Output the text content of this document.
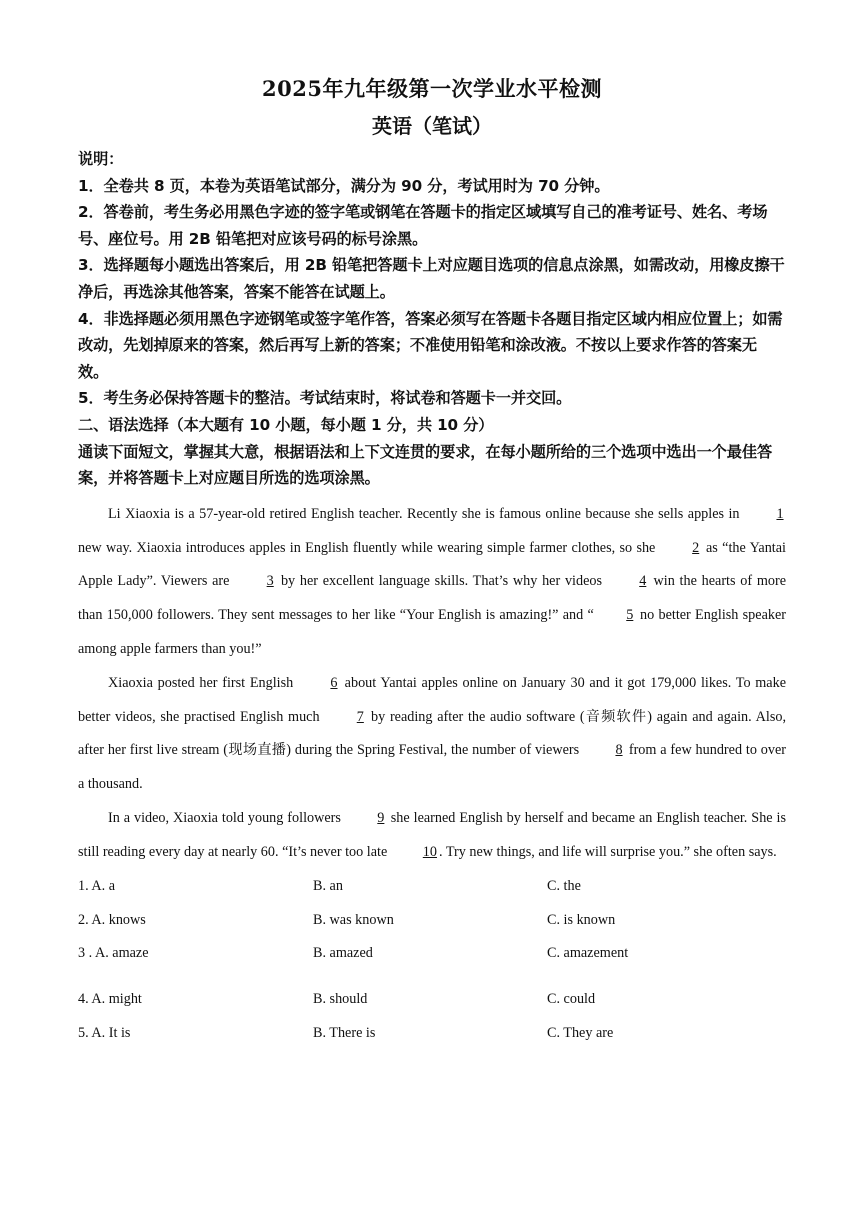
2025年九年级第一次学业水平检测
英语（笔试）

说明：

1．全卷共 8 页，本卷为英语笔试部分，满分为 90 分，考试用时为 70 分钟。

2．答卷前，考生务必用黑色字迹的签字笔或钢笔在答题卡的指定区域填写自己的准考证号、姓名、考场号、座位号。用 2B 铅笔把对应该号码的标号涂黑。

3．选择题每小题选出答案后，用 2B 铅笔把答题卡上对应题目选项的信息点涂黑，如需改动，用橡皮擦干净后，再选涂其他答案，答案不能答在试题上。

4．非选择题必须用黑色字迹钢笔或签字笔作答，答案必须写在答题卡各题目指定区域内相应位置上；如需改动，先划掉原来的答案，然后再写上新的答案；不准使用铅笔和涂改液。不按以上要求作答的答案无效。

5．考生务必保持答题卡的整洁。考试结束时，将试卷和答题卡一并交回。

二、语法选择（本大题有 10 小题，每小题 1 分，共 10 分）

通读下面短文，掌握其大意，根据语法和上下文连贯的要求，在每小题所给的三个选项中选出一个最佳答案，并将答题卡上对应题目所选的选项涂黑。

Li Xiaoxia is a 57-year-old retired English teacher. Recently she is famous online because she sells apples in 1 new way. Xiaoxia introduces apples in English fluently while wearing simple farmer clothes, so she 2 as “the Yantai Apple Lady”. Viewers are 3 by her excellent language skills. That’s why her videos 4 win the hearts of more than 150,000 followers. They sent messages to her like “Your English is amazing!” and “ 5 no better English speaker among apple farmers than you!”

Xiaoxia posted her first English 6 about Yantai apples online on January 30 and it got 179,000 likes. To make better videos, she practised English much 7 by reading after the audio software (音频软件) again and again. Also, after her first live stream (现场直播) during the Spring Festival, the number of viewers 8 from a few hundred to over a thousand.

In a video, Xiaoxia told young followers 9 she learned English by herself and became an English teacher. She is still reading every day at nearly 60. “It’s never too late 10 . Try new things, and life will surprise you.” she often says.

1. A. a	B. an	C. the
2. A. knows	B. was known	C. is known
3 . A. amaze	B. amazed	C. amazement
4. A. might	B. should	C. could
5. A. It is	B. There is	C. They are
